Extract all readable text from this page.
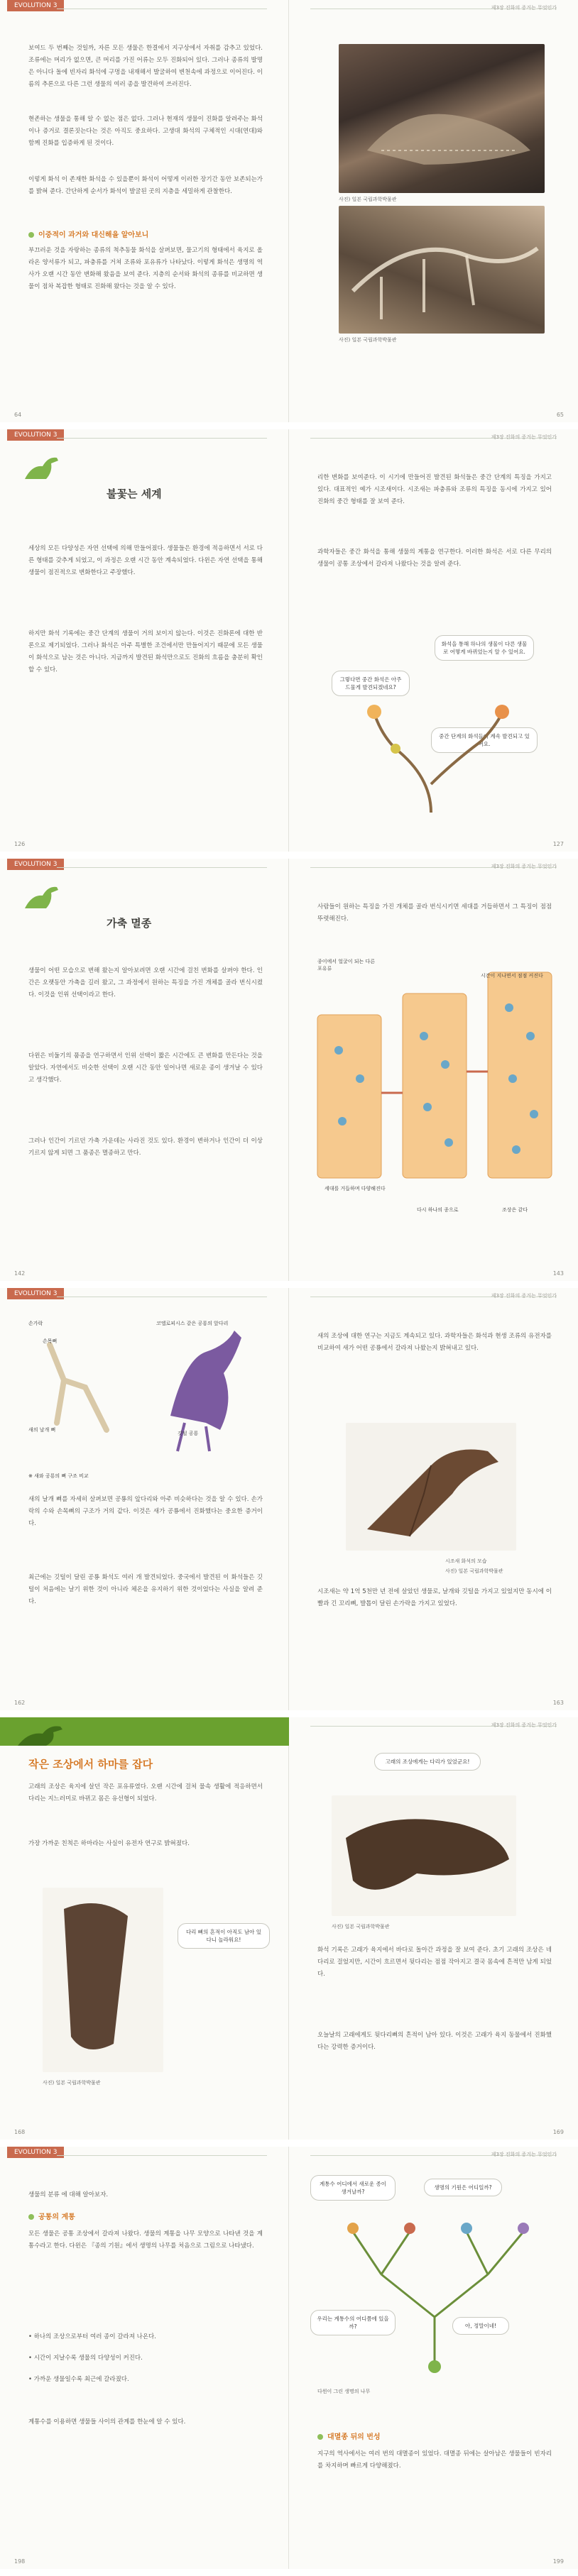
EVOLUTION 3
보여드 두 번째는 것일까, 자른 모든 생물은 한결에서 지구상에서 자취를 감추고 있었다. 조류에는 머리가 없으면, 큰 머리를 가진 어류는 모두 진화되어 있다. 그러나 종류의 발명은 아니다 돌에 빈자리 화석에 구멍을 내재해서 발굴하여 변천속에 과정으로 이어진다. 이름의 추론으로 다른 그런 생물의 여러 종을 발견하여 쓰러진다.
현존하는 생물을 통해 알 수 없는 점은 없다. 그러나 현재의 생물이 진화를 알려주는 화석이나 증거로 결론짓는다는 것은 아직도 중요하다. 고생대 화석의 구체적인 시대(연대)와 함께 진화를 입증하게 된 것이다.
이렇게 화석 이 존재한 화석을 수 있을뿐이 화석이 어떻게 이러한 장기간 동안 보존되는가를 밝혀 준다. 간단하게 순서가 화석이 발굴된 곳의 지층을 세밀하게 관찰한다.
이중적이 과거와 대신해을 알아보니
부끄러운 것을 자랑하는 종류의 척추동물 화석을 살펴보면, 물고기의 형태에서 육지로 올라온 양서류가 되고, 파충류를 거쳐 조류와 포유류가 나타났다. 이렇게 화석은 생명의 역사가 오랜 시간 동안 변화해 왔음을 보여 준다. 지층의 순서와 화석의 종류를 비교하면 생물이 점차 복잡한 형태로 진화해 왔다는 것을 알 수 있다.
64
제3장 진화의 증거는 무엇인가
사진) 일본 국립과학박물관
사진) 일본 국립과학박물관
65
EVOLUTION 3
불꽃는 세계
세상의 모든 다양성은 자연 선택에 의해 만들어졌다. 생물들은 환경에 적응하면서 서로 다른 형태를 갖추게 되었고, 이 과정은 오랜 시간 동안 계속되었다. 다윈은 자연 선택을 통해 생물이 점진적으로 변화한다고 주장했다.
하지만 화석 기록에는 중간 단계의 생물이 거의 보이지 않는다. 이것은 진화론에 대한 반론으로 제기되었다. 그러나 화석은 아주 특별한 조건에서만 만들어지기 때문에 모든 생물이 화석으로 남는 것은 아니다. 지금까지 발견된 화석만으로도 진화의 흐름을 충분히 확인할 수 있다.
126
제3장 진화의 증거는 무엇인가
리한 변화를 보여준다. 이 시기에 만들어진 발견된 화석들은 중간 단계의 특징을 가지고 있다. 대표적인 예가 시조새이다. 시조새는 파충류와 조류의 특징을 동시에 가지고 있어 진화의 중간 형태를 잘 보여 준다.
과학자들은 중간 화석을 통해 생물의 계통을 연구한다. 이러한 화석은 서로 다른 무리의 생물이 공통 조상에서 갈라져 나왔다는 것을 알려 준다.
화석을 통해 하나의 생물이 다른 생물로 어떻게 바뀌었는지 알 수 있어요.
그렇다면 중간 화석은 아주 드물게 발견되겠네요?
중간 단계의 화석들이 계속 발견되고 있어요.
127
EVOLUTION 3
가축 멸종
생물이 어떤 모습으로 변해 왔는지 알아보려면 오랜 시간에 걸친 변화를 살펴야 한다. 인간은 오랫동안 가축을 길러 왔고, 그 과정에서 원하는 특징을 가진 개체를 골라 번식시켰다. 이것을 인위 선택이라고 한다.
다윈은 비둘기의 품종을 연구하면서 인위 선택이 짧은 시간에도 큰 변화를 만든다는 것을 알았다. 자연에서도 비슷한 선택이 오랜 시간 동안 일어나면 새로운 종이 생겨날 수 있다고 생각했다.
그러나 인간이 기르던 가축 가운데는 사라진 것도 있다. 환경이 변하거나 인간이 더 이상 기르지 않게 되면 그 품종은 멸종하고 만다.
142
제3장 진화의 증거는 무엇인가
사람들이 원하는 특징을 가진 개체를 골라 번식시키면 세대를 거듭하면서 그 특징이 점점 뚜렷해진다.
종이에서 얼굴이 되는 다른 포유류
시간이 지나면서 점점 커진다
세대를 거듭하며 다양해진다
다시 하나의 종으로	조상은 같다
143
EVOLUTION 3
손가락
손목뼈
새의 날개 뼈
코엘로피시스 같은 공룡의 앞다리
깃털 공룡
※ 새와 공룡의 뼈 구조 비교
새의 날개 뼈를 자세히 살펴보면 공룡의 앞다리와 아주 비슷하다는 것을 알 수 있다. 손가락의 수와 손목뼈의 구조가 거의 같다. 이것은 새가 공룡에서 진화했다는 중요한 증거이다.
최근에는 깃털이 달린 공룡 화석도 여러 개 발견되었다. 중국에서 발견된 이 화석들은 깃털이 처음에는 날기 위한 것이 아니라 체온을 유지하기 위한 것이었다는 사실을 알려 준다.
162
제3장 진화의 증거는 무엇인가
새의 조상에 대한 연구는 지금도 계속되고 있다. 과학자들은 화석과 현생 조류의 유전자를 비교하여 새가 어떤 공룡에서 갈라져 나왔는지 밝혀내고 있다.
시조새 화석의 모습
사진) 일본 국립과학박물관
시조새는 약 1억 5천만 년 전에 살았던 생물로, 날개와 깃털을 가지고 있었지만 동시에 이빨과 긴 꼬리뼈, 발톱이 달린 손가락을 가지고 있었다.
163
작은 조상에서 하마를 잡다
고래의 조상은 육지에 살던 작은 포유류였다. 오랜 시간에 걸쳐 물속 생활에 적응하면서 다리는 지느러미로 바뀌고 몸은 유선형이 되었다.
가장 가까운 친척은 하마라는 사실이 유전자 연구로 밝혀졌다.
다리 뼈의 흔적이 아직도 남아 있다니 놀라워요!
사진) 일본 국립과학박물관
168
제3장 진화의 증거는 무엇인가
고래의 조상에게는 다리가 있었군요!
사진) 일본 국립과학박물관
화석 기록은 고래가 육지에서 바다로 돌아간 과정을 잘 보여 준다. 초기 고래의 조상은 네 다리로 걸었지만, 시간이 흐르면서 뒷다리는 점점 작아지고 결국 몸속에 흔적만 남게 되었다.
오늘날의 고래에게도 뒷다리뼈의 흔적이 남아 있다. 이것은 고래가 육지 동물에서 진화했다는 강력한 증거이다.
169
EVOLUTION 3
생물의 분류 에 대해 알아보자.
공통의 계통
모든 생물은 공통 조상에서 갈라져 나왔다. 생물의 계통을 나무 모양으로 나타낸 것을 계통수라고 한다. 다윈은 『종의 기원』에서 생명의 나무를 처음으로 그림으로 나타냈다.
• 하나의 조상으로부터 여러 종이 갈라져 나온다.
• 시간이 지날수록 생물의 다양성이 커진다.
• 가까운 생물일수록 최근에 갈라졌다.
계통수를 이용하면 생물들 사이의 관계를 한눈에 알 수 있다.
198
제3장 진화의 증거는 무엇인가
계통수 어디에서 새로운 종이 생겨날까?
생명의 기원은 어디일까?
우리는 계통수의 어디쯤에 있을까?	아, 정말이네!
다윈이 그린 생명의 나무
대멸종 뒤의 번성
지구의 역사에서는 여러 번의 대멸종이 있었다. 대멸종 뒤에는 살아남은 생물들이 빈자리를 차지하며 빠르게 다양해졌다.
199
